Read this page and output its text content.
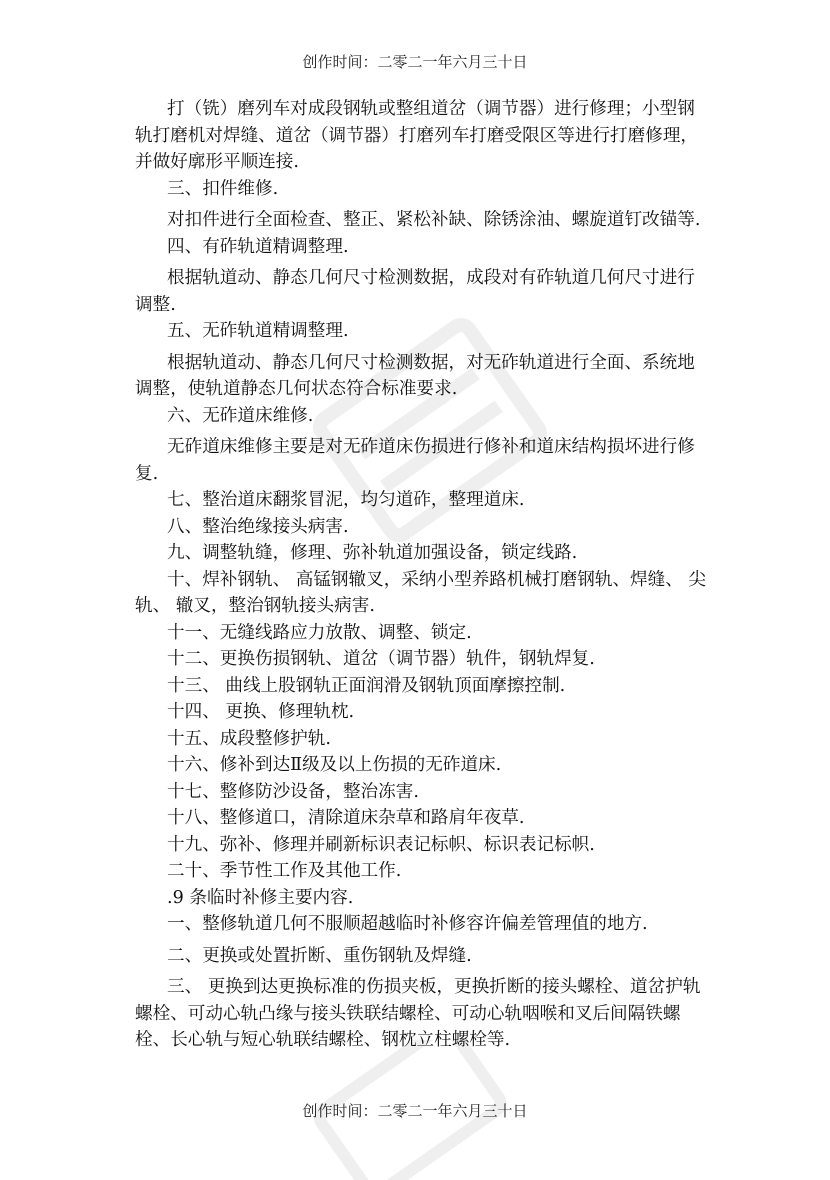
创作时间：二零二一年六月三十日

打（铣）磨列车对成段钢轨或整组道岔（调节器）进行修理；小型钢轨打磨机对焊缝、道岔（调节器）打磨列车打磨受限区等进行打磨修理，并做好廓形平顺连接.

三、扣件维修.

对扣件进行全面检查、整正、紧松补缺、除锈涂油、螺旋道钉改锚等.

四、有砟轨道精调整理.

根据轨道动、静态几何尺寸检测数据，成段对有砟轨道几何尺寸进行调整.

五、无砟轨道精调整理.

根据轨道动、静态几何尺寸检测数据，对无砟轨道进行全面、系统地调整，使轨道静态几何状态符合标准要求.

六、无砟道床维修.

无砟道床维修主要是对无砟道床伤损进行修补和道床结构损坏进行修复.

七、整治道床翻浆冒泥，均匀道砟，整理道床.

八、整治绝缘接头病害.

九、调整轨缝，修理、弥补轨道加强设备，锁定线路.

十、焊补钢轨、 高锰钢辙叉，采纳小型养路机械打磨钢轨、焊缝、 尖轨、 辙叉，整治钢轨接头病害.

十一、无缝线路应力放散、调整、锁定.

十二、更换伤损钢轨、道岔（调节器）轨件，钢轨焊复.

十三、 曲线上股钢轨正面润滑及钢轨顶面摩擦控制.

十四、 更换、修理轨枕.

十五、成段整修护轨.

十六、修补到达Ⅱ级及以上伤损的无砟道床.

十七、整修防沙设备，整治冻害.

十八、整修道口，清除道床杂草和路肩年夜草.

十九、弥补、修理并刷新标识表记标帜、标识表记标帜.

二十、季节性工作及其他工作.

.9 条临时补修主要内容.

一、整修轨道几何不服顺超越临时补修容许偏差管理值的地方.

二、更换或处置折断、重伤钢轨及焊缝.

三、 更换到达更换标准的伤损夹板，更换折断的接头螺栓、道岔护轨螺栓、可动心轨凸缘与接头铁联结螺栓、可动心轨咽喉和叉后间隔铁螺栓、长心轨与短心轨联结螺栓、钢枕立柱螺栓等.

创作时间：二零二一年六月三十日
